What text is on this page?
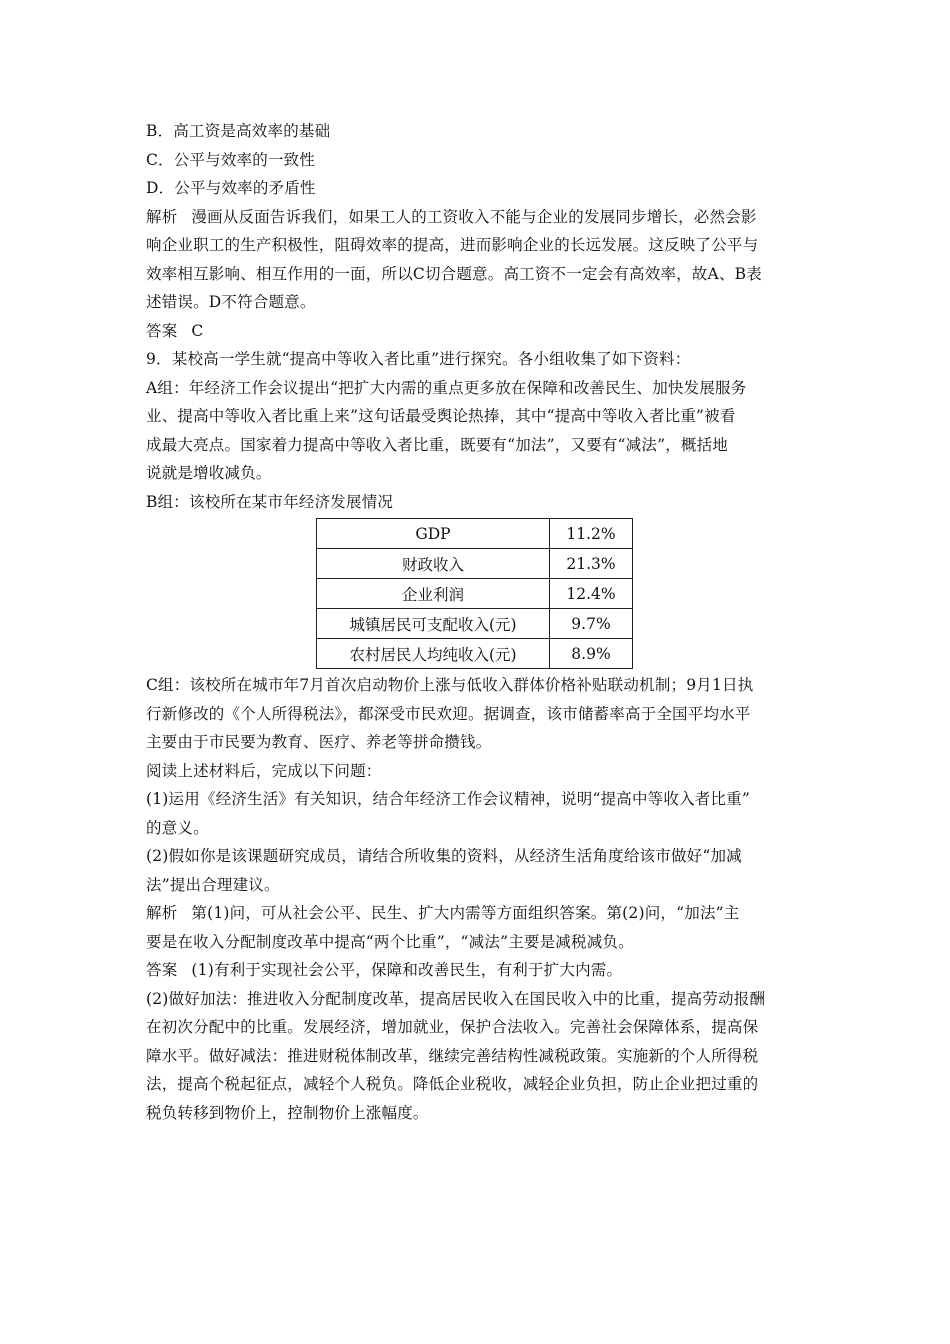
B．高工资是高效率的基础
C．公平与效率的一致性
D．公平与效率的矛盾性
解析 漫画从反面告诉我们，如果工人的工资收入不能与企业的发展同步增长，必然会影
响企业职工的生产积极性，阻碍效率的提高，进而影响企业的长远发展。这反映了公平与
效率相互影响、相互作用的一面，所以C切合题意。高工资不一定会有高效率，故A、B表
述错误。D不符合题意。
答案 C
9．某校高一学生就“提高中等收入者比重”进行探究。各小组收集了如下资料：
A组：年经济工作会议提出“把扩大内需的重点更多放在保障和改善民生、加快发展服务
业、提高中等收入者比重上来”这句话最受舆论热捧，其中“提高中等收入者比重”被看
成最大亮点。国家着力提高中等收入者比重，既要有“加法”，又要有“减法”，概括地
说就是增收减负。
B组：该校所在某市年经济发展情况
GDP	11.2%
财政收入	21.3%
企业利润	12.4%
城镇居民可支配收入(元)	9.7%
农村居民人均纯收入(元)	8.9%
C组：该校所在城市年7月首次启动物价上涨与低收入群体价格补贴联动机制；9月1日执
行新修改的《个人所得税法》，都深受市民欢迎。据调查，该市储蓄率高于全国平均水平
主要由于市民要为教育、医疗、养老等拼命攒钱。
阅读上述材料后，完成以下问题：
(1)运用《经济生活》有关知识，结合年经济工作会议精神，说明“提高中等收入者比重”
的意义。
(2)假如你是该课题研究成员，请结合所收集的资料，从经济生活角度给该市做好“加减
法”提出合理建议。
解析 第(1)问，可从社会公平、民生、扩大内需等方面组织答案。第(2)问，“加法”主
要是在收入分配制度改革中提高“两个比重”，“减法”主要是减税减负。
答案 (1)有利于实现社会公平，保障和改善民生，有利于扩大内需。
(2)做好加法：推进收入分配制度改革，提高居民收入在国民收入中的比重，提高劳动报酬
在初次分配中的比重。发展经济，增加就业，保护合法收入。完善社会保障体系，提高保
障水平。做好减法：推进财税体制改革，继续完善结构性减税政策。实施新的个人所得税
法，提高个税起征点，减轻个人税负。降低企业税收，减轻企业负担，防止企业把过重的
税负转移到物价上，控制物价上涨幅度。
